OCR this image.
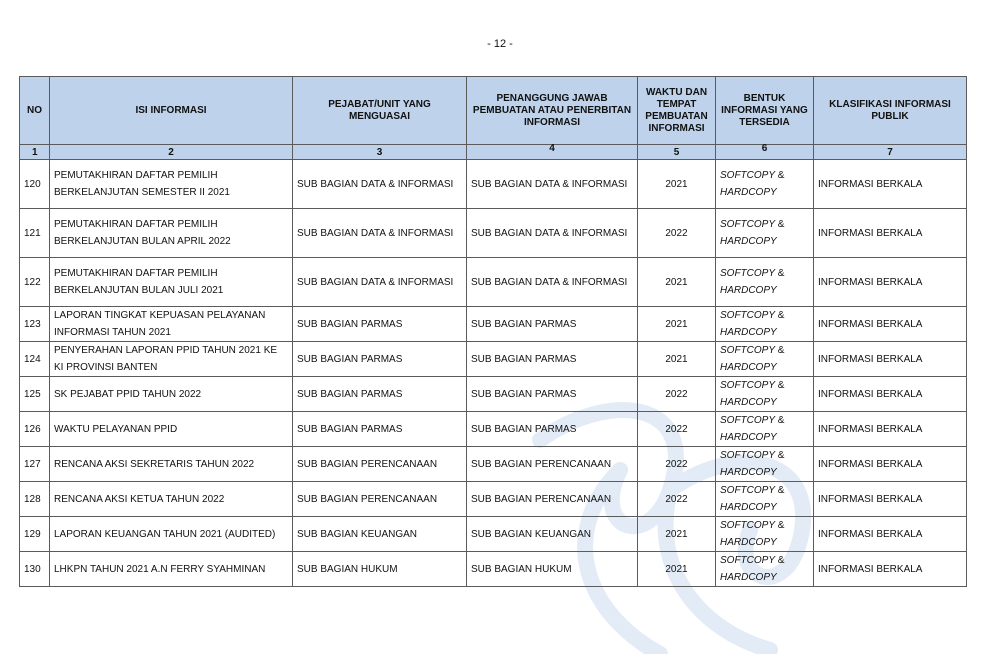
- 12 -
NO	ISI INFORMASI	PEJABAT/UNIT YANG MENGUASAI	PENANGGUNG JAWAB PEMBUATAN ATAU PENERBITAN INFORMASI	WAKTU DAN TEMPAT PEMBUATAN INFORMASI	BENTUK INFORMASI YANG TERSEDIA	KLASIFIKASI INFORMASI PUBLIK
1	2	3	4	5	6	7
120	PEMUTAKHIRAN DAFTAR PEMILIH BERKELANJUTAN SEMESTER II 2021	SUB BAGIAN DATA & INFORMASI	SUB BAGIAN DATA & INFORMASI	2021	SOFTCOPY &
HARDCOPY	INFORMASI BERKALA
121	PEMUTAKHIRAN DAFTAR PEMILIH BERKELANJUTAN BULAN APRIL 2022	SUB BAGIAN DATA & INFORMASI	SUB BAGIAN DATA & INFORMASI	2022	SOFTCOPY &
HARDCOPY	INFORMASI BERKALA
122	PEMUTAKHIRAN DAFTAR PEMILIH BERKELANJUTAN BULAN JULI 2021	SUB BAGIAN DATA & INFORMASI	SUB BAGIAN DATA & INFORMASI	2021	SOFTCOPY &
HARDCOPY	INFORMASI BERKALA
123	LAPORAN TINGKAT KEPUASAN PELAYANAN INFORMASI TAHUN 2021	SUB BAGIAN PARMAS	SUB BAGIAN PARMAS	2021	SOFTCOPY &
HARDCOPY	INFORMASI BERKALA
124	PENYERAHAN LAPORAN PPID TAHUN 2021 KE KI PROVINSI BANTEN	SUB BAGIAN PARMAS	SUB BAGIAN PARMAS	2021	SOFTCOPY &
HARDCOPY	INFORMASI BERKALA
125	SK PEJABAT PPID TAHUN 2022	SUB BAGIAN PARMAS	SUB BAGIAN PARMAS	2022	SOFTCOPY &
HARDCOPY	INFORMASI BERKALA
126	WAKTU PELAYANAN PPID	SUB BAGIAN PARMAS	SUB BAGIAN PARMAS	2022	SOFTCOPY &
HARDCOPY	INFORMASI BERKALA
127	RENCANA AKSI SEKRETARIS TAHUN 2022	SUB BAGIAN PERENCANAAN	SUB BAGIAN PERENCANAAN	2022	SOFTCOPY &
HARDCOPY	INFORMASI BERKALA
128	RENCANA AKSI KETUA TAHUN 2022	SUB BAGIAN PERENCANAAN	SUB BAGIAN PERENCANAAN	2022	SOFTCOPY &
HARDCOPY	INFORMASI BERKALA
129	LAPORAN KEUANGAN TAHUN 2021 (AUDITED)	SUB BAGIAN KEUANGAN	SUB BAGIAN KEUANGAN	2021	SOFTCOPY &
HARDCOPY	INFORMASI BERKALA
130	LHKPN TAHUN 2021 A.N FERRY SYAHMINAN	SUB BAGIAN HUKUM	SUB BAGIAN HUKUM	2021	SOFTCOPY &
HARDCOPY	INFORMASI BERKALA
